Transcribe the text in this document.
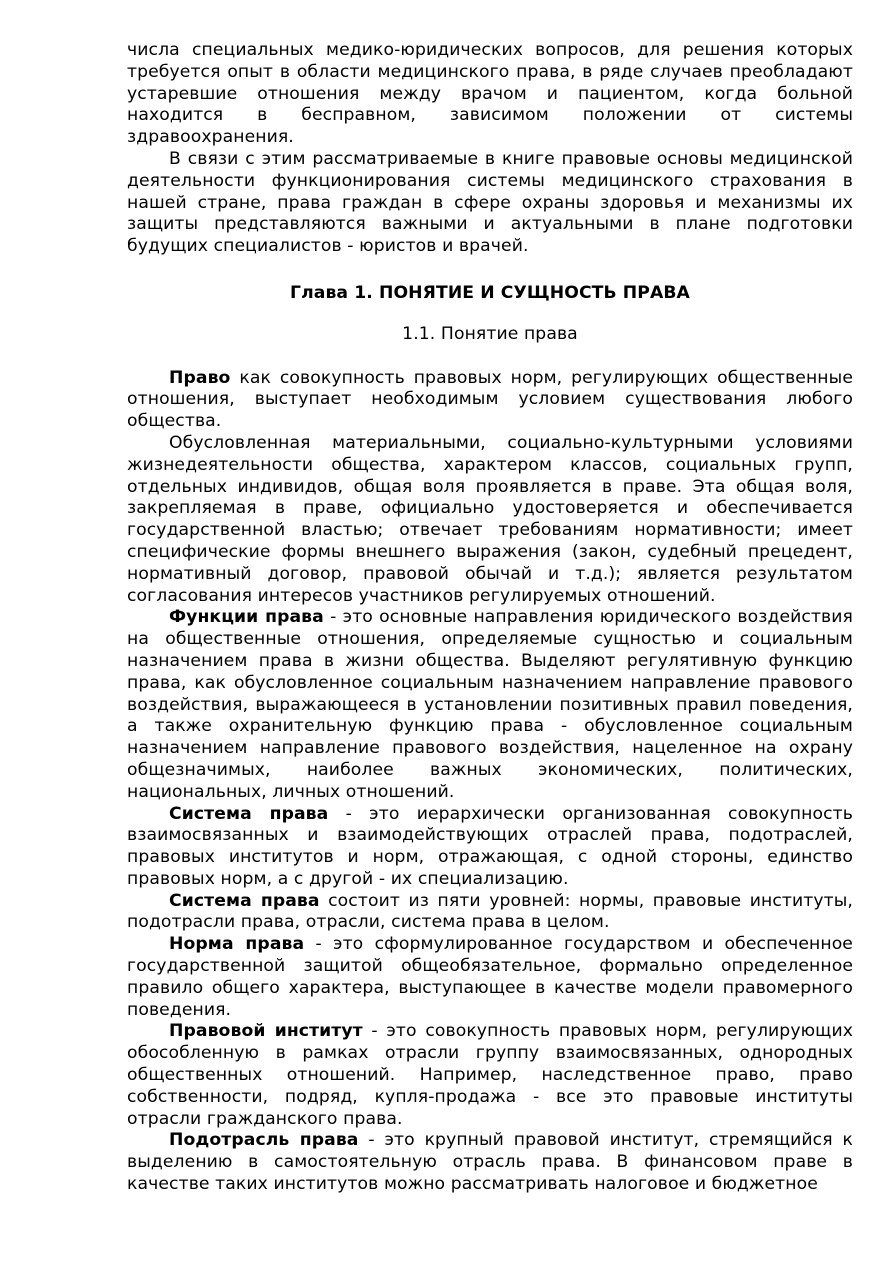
числа специальных медико-юридических вопросов, для решения которых требуется опыт в области медицинского права, в ряде случаев преобладают устаревшие отношения между врачом и пациентом, когда больной находится в бесправном, зависимом положении от системы здравоохранения.

В связи с этим рассматриваемые в книге правовые основы медицинской деятельности функционирования системы медицинского страхования в нашей стране, права граждан в сфере охраны здоровья и механизмы их защиты представляются важными и актуальными в плане подготовки будущих специалистов - юристов и врачей.

Глава 1. ПОНЯТИЕ И СУЩНОСТЬ ПРАВА
1.1. Понятие права

Право как совокупность правовых норм, регулирующих общественные отношения, выступает необходимым условием существования любого общества.

Обусловленная материальными, социально-культурными условиями жизнедеятельности общества, характером классов, социальных групп, отдельных индивидов, общая воля проявляется в праве. Эта общая воля, закрепляемая в праве, официально удостоверяется и обеспечивается государственной властью; отвечает требованиям нормативности; имеет специфические формы внешнего выражения (закон, судебный прецедент, нормативный договор, правовой обычай и т.д.); является результатом согласования интересов участников регулируемых отношений.

Функции права - это основные направления юридического воздействия на общественные отношения, определяемые сущностью и социальным назначением права в жизни общества. Выделяют регулятивную функцию права, как обусловленное социальным назначением направление правового воздействия, выражающееся в установлении позитивных правил поведения, а также охранительную функцию права - обусловленное социальным назначением направление правового воздействия, нацеленное на охрану общезначимых, наиболее важных экономических, политических, национальных, личных отношений.

Система права - это иерархически организованная совокупность взаимосвязанных и взаимодействующих отраслей права, подотраслей, правовых институтов и норм, отражающая, с одной стороны, единство правовых норм, а с другой - их специализацию.

Система права состоит из пяти уровней: нормы, правовые институты, подотрасли права, отрасли, система права в целом.

Норма права - это сформулированное государством и обеспеченное государственной защитой общеобязательное, формально определенное правило общего характера, выступающее в качестве модели правомерного поведения.

Правовой институт - это совокупность правовых норм, регулирующих обособленную в рамках отрасли группу взаимосвязанных, однородных общественных отношений. Например, наследственное право, право собственности, подряд, купля-продажа - все это правовые институты отрасли гражданского права.

Подотрасль права - это крупный правовой институт, стремящийся к выделению в самостоятельную отрасль права. В финансовом праве в качестве таких институтов можно рассматривать налоговое и бюджетное
